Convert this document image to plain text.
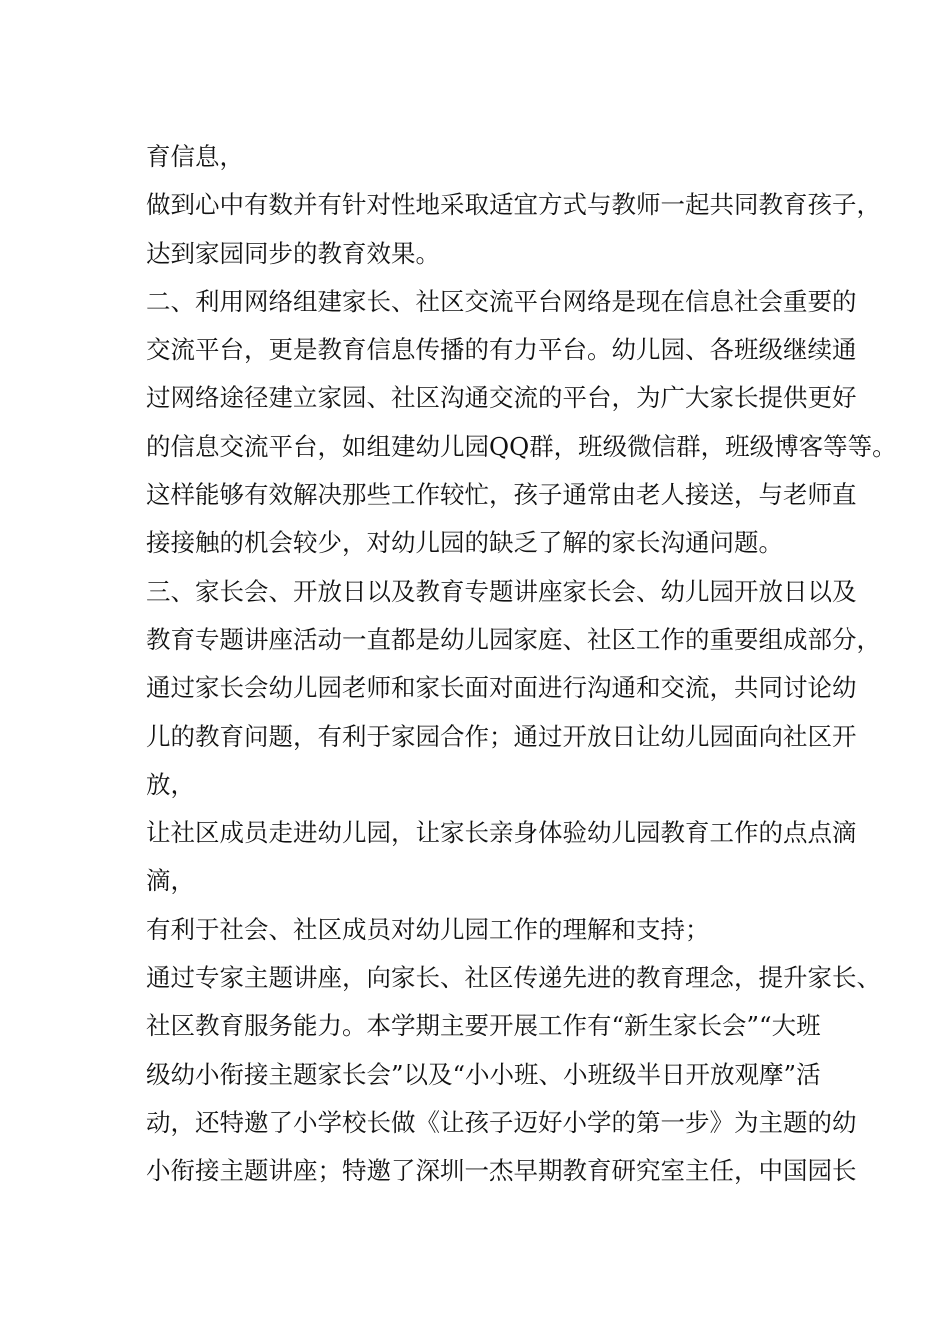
育信息，
做到心中有数并有针对性地采取适宜方式与教师一起共同教育孩子，
达到家园同步的教育效果。
二、利用网络组建家长、社区交流平台网络是现在信息社会重要的
交流平台，更是教育信息传播的有力平台。幼儿园、各班级继续通
过网络途径建立家园、社区沟通交流的平台，为广大家长提供更好
的信息交流平台，如组建幼儿园QQ群，班级微信群，班级博客等等。
这样能够有效解决那些工作较忙，孩子通常由老人接送，与老师直
接接触的机会较少，对幼儿园的缺乏了解的家长沟通问题。
三、家长会、开放日以及教育专题讲座家长会、幼儿园开放日以及
教育专题讲座活动一直都是幼儿园家庭、社区工作的重要组成部分，
通过家长会幼儿园老师和家长面对面进行沟通和交流，共同讨论幼
儿的教育问题，有利于家园合作；通过开放日让幼儿园面向社区开
放，
让社区成员走进幼儿园，让家长亲身体验幼儿园教育工作的点点滴
滴，
有利于社会、社区成员对幼儿园工作的理解和支持；
通过专家主题讲座，向家长、社区传递先进的教育理念，提升家长、
社区教育服务能力。本学期主要开展工作有“新生家长会”“大班
级幼小衔接主题家长会”以及“小小班、小班级半日开放观摩”活
动，还特邀了小学校长做《让孩子迈好小学的第一步》为主题的幼
小衔接主题讲座；特邀了深圳一杰早期教育研究室主任，中国园长
